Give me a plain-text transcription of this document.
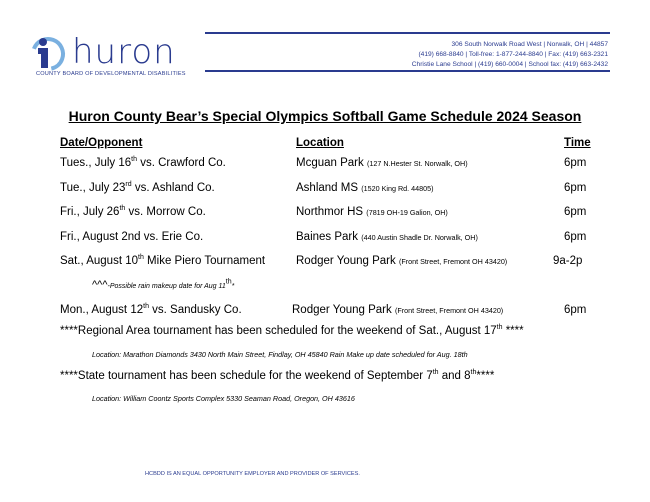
huron
COUNTY BOARD OF DEVELOPMENTAL DISABILITIES
306 South Norwalk Road West | Norwalk, OH | 44857
(419) 668-8840 | Toll-free: 1-877-244-8840 | Fax: (419) 663-2321
Christie Lane School | (419) 660-0004 | School fax: (419) 663-2432
Huron County Bear’s Special Olympics Softball Game Schedule 2024 Season
Date/Opponent	Location	Time
Tues., July 16th vs. Crawford Co.	Mcguan Park (127 N.Hester St. Norwalk, OH)	6pm
Tue., July 23rd vs. Ashland Co.	Ashland MS (1520 King Rd. 44805)	6pm
Fri., July 26th vs. Morrow Co.	Northmor HS (7819 OH-19 Galion, OH)	6pm
Fri., August 2nd vs. Erie Co.	Baines Park (440 Austin Shadle Dr. Norwalk, OH)	6pm
Sat., August 10th Mike Piero Tournament	Rodger Young Park (Front Street, Fremont OH 43420)	9a-2p
^^^-Possible rain makeup date for Aug 11th*
Mon., August 12th vs. Sandusky Co.	Rodger Young Park (Front Street, Fremont OH 43420)	6pm
****Regional Area tournament has been scheduled for the weekend of Sat., August 17th ****
Location: Marathon Diamonds 3430 North Main Street, Findlay, OH 45840 Rain Make up date scheduled for Aug. 18th
****State tournament has been schedule for the weekend of September 7th and 8th****
Location: William Coontz Sports Complex 5330 Seaman Road, Oregon, OH 43616
HCBDD IS AN EQUAL OPPORTUNITY EMPLOYER AND PROVIDER OF SERVICES.
